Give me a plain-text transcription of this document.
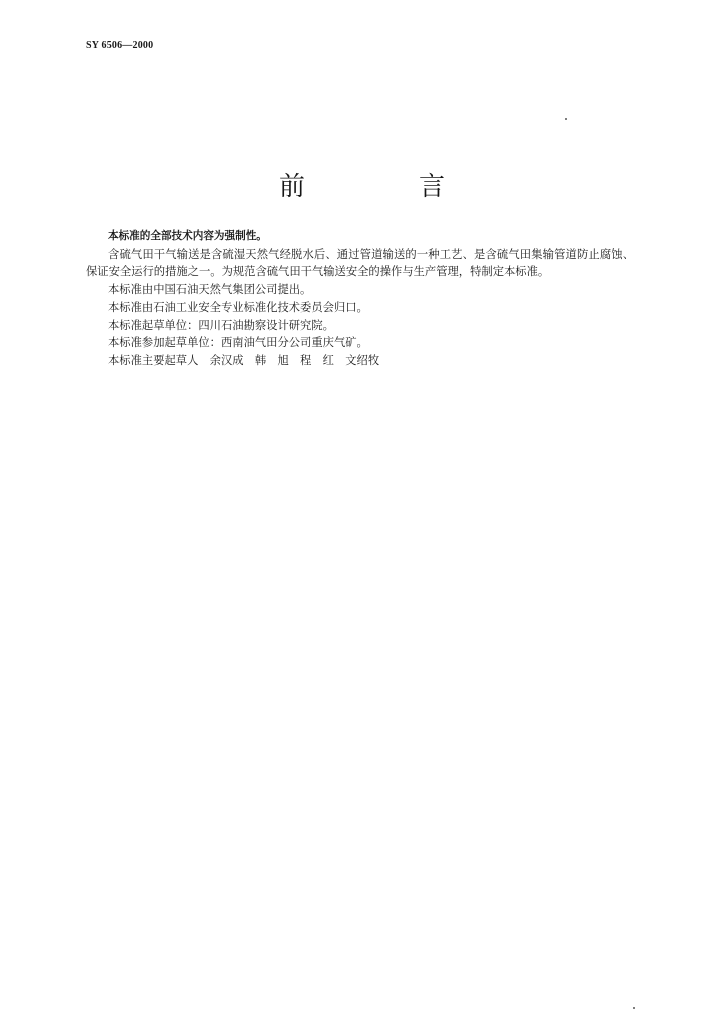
SY 6506—2000
前　言

本标准的全部技术内容为强制性。

含硫气田干气输送是含硫湿天然气经脱水后、通过管道输送的一种工艺、是含硫气田集输管道防止腐蚀、保证安全运行的措施之一。为规范含硫气田干气输送安全的操作与生产管理，特制定本标准。

本标准由中国石油天然气集团公司提出。

本标准由石油工业安全专业标准化技术委员会归口。

本标准起草单位：四川石油勘察设计研究院。

本标准参加起草单位：西南油气田分公司重庆气矿。

本标准主要起草人　余汉成　韩　旭　程　红　文绍牧
